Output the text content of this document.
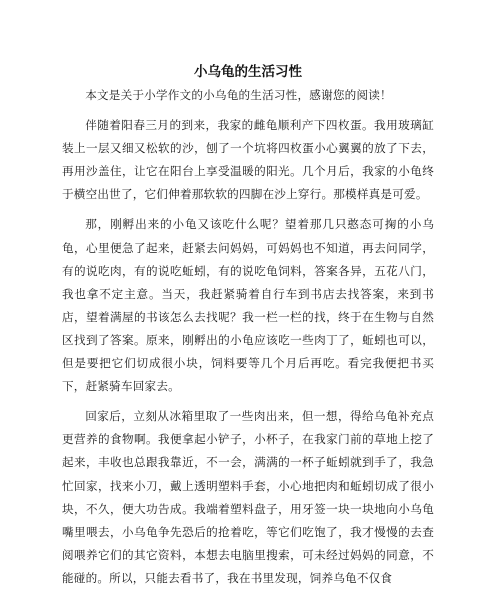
小乌龟的生活习性

本文是关于小学作文的小乌龟的生活习性，感谢您的阅读！

伴随着阳春三月的到来，我家的雌龟顺利产下四枚蛋。我用玻璃缸装上一层又细又松软的沙，刨了一个坑将四枚蛋小心翼翼的放了下去，再用沙盖住，让它在阳台上享受温暖的阳光。几个月后，我家的小龟终于横空出世了，它们伸着那软软的四脚在沙上穿行。那模样真是可爱。

那，刚孵出来的小龟又该吃什么呢？望着那几只憨态可掬的小乌龟，心里便急了起来，赶紧去问妈妈，可妈妈也不知道，再去问同学，有的说吃肉，有的说吃蚯蚓，有的说吃龟饲料，答案各异，五花八门，我也拿不定主意。当天，我赶紧骑着自行车到书店去找答案，来到书店，望着满屋的书该怎么去找呢？我一栏一栏的找，终于在生物与自然区找到了答案。原来，刚孵出的小龟应该吃一些肉丁了，蚯蚓也可以，但是要把它们切成很小块，饲料要等几个月后再吃。看完我便把书买下，赶紧骑车回家去。

回家后，立刻从冰箱里取了一些肉出来，但一想，得给乌龟补充点更营养的食物啊。我便拿起小铲子，小杯子，在我家门前的草地上挖了起来，丰收也总跟我靠近，不一会，满满的一杯子蚯蚓就到手了，我急忙回家，找来小刀，戴上透明塑料手套，小心地把肉和蚯蚓切成了很小块，不久，便大功告成。我端着塑料盘子，用牙签一块一块地向小乌龟嘴里喂去，小乌龟争先恐后的抢着吃，等它们吃饱了，我才慢慢的去查阅喂养它们的其它资料，本想去电脑里搜索，可未经过妈妈的同意，不能碰的。所以，只能去看书了，我在书里发现，饲养乌龟不仅食
